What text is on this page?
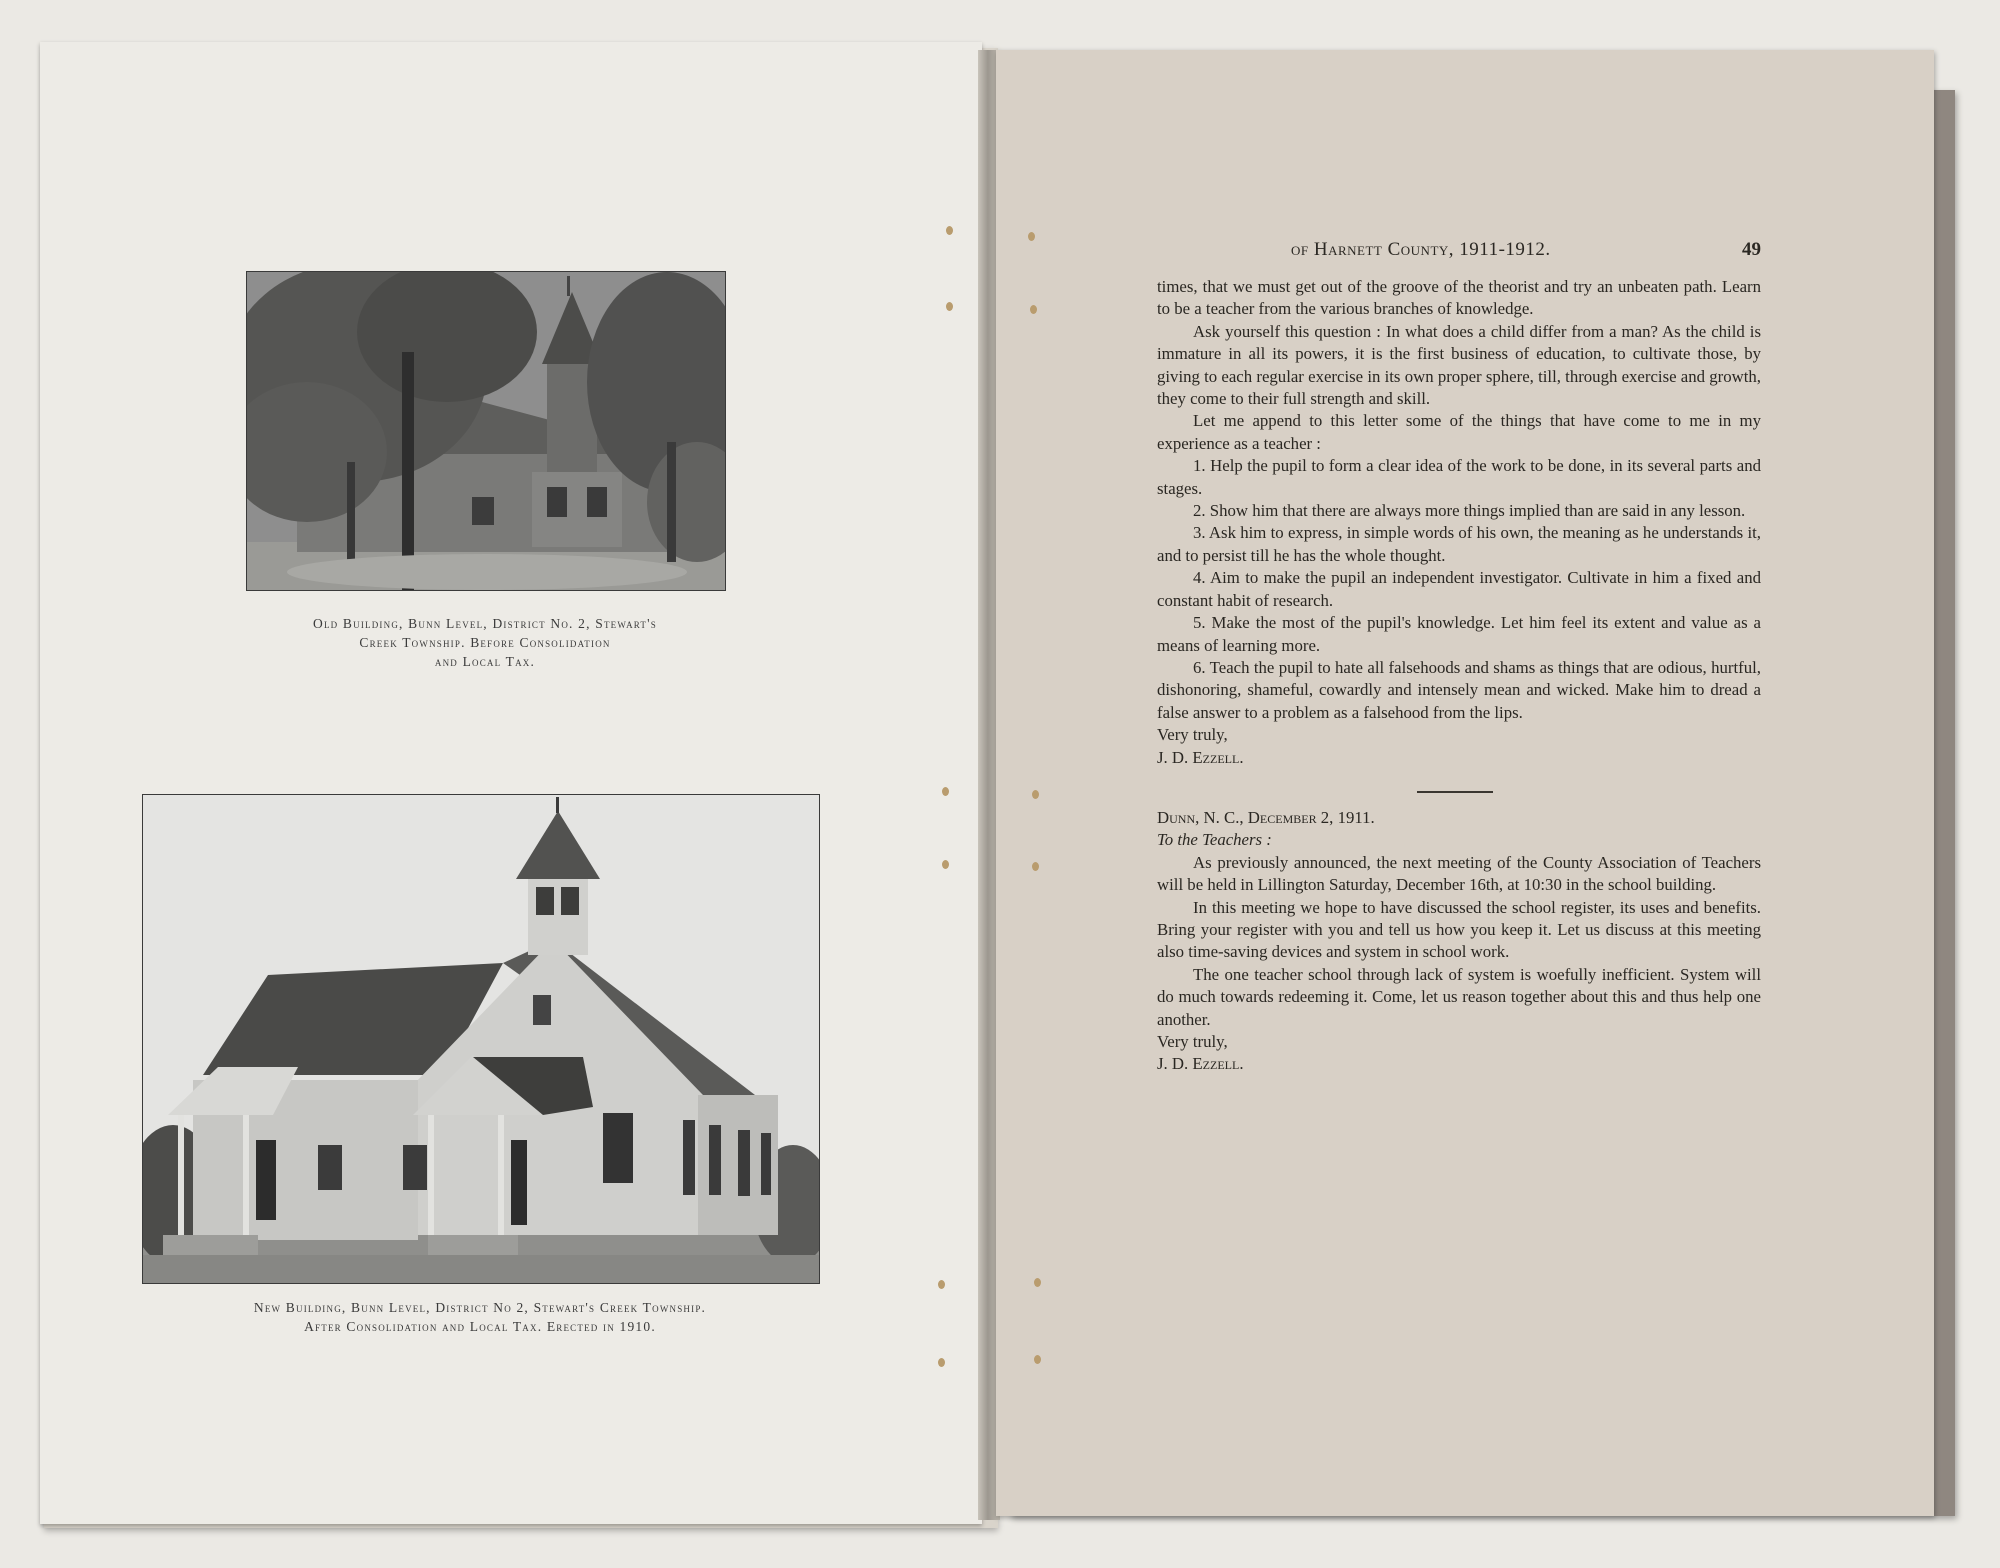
Old Building, Bunn Level, District No. 2, Stewart's
Creek Township. Before Consolidation
and Local Tax.
New Building, Bunn Level, District No 2, Stewart's Creek Township.
After Consolidation and Local Tax. Erected in 1910.
of Harnett County, 1911-1912.	49

times, that we must get out of the groove of the theorist and try an unbeaten path. Learn to be a teacher from the various branches of knowledge.

Ask yourself this question : In what does a child differ from a man? As the child is immature in all its powers, it is the first business of education, to cultivate those, by giving to each regular exercise in its own proper sphere, till, through exercise and growth, they come to their full strength and skill.

Let me append to this letter some of the things that have come to me in my experience as a teacher :

1. Help the pupil to form a clear idea of the work to be done, in its several parts and stages.

2. Show him that there are always more things implied than are said in any lesson.

3. Ask him to express, in simple words of his own, the meaning as he understands it, and to persist till he has the whole thought.

4. Aim to make the pupil an independent investigator. Cultivate in him a fixed and constant habit of research.

5. Make the most of the pupil's knowledge. Let him feel its extent and value as a means of learning more.

6. Teach the pupil to hate all falsehoods and shams as things that are odious, hurtful, dishonoring, shameful, cowardly and intensely mean and wicked. Make him to dread a false answer to a problem as a falsehood from the lips.

Very truly,

J. D. Ezzell.

Dunn, N. C., December 2, 1911.

To the Teachers :

As previously announced, the next meeting of the County Association of Teachers will be held in Lillington Saturday, December 16th, at 10:30 in the school building.

In this meeting we hope to have discussed the school register, its uses and benefits. Bring your register with you and tell us how you keep it. Let us discuss at this meeting also time-saving devices and system in school work.

The one teacher school through lack of system is woefully inefficient. System will do much towards redeeming it. Come, let us reason together about this and thus help one another.

Very truly,

J. D. Ezzell.
